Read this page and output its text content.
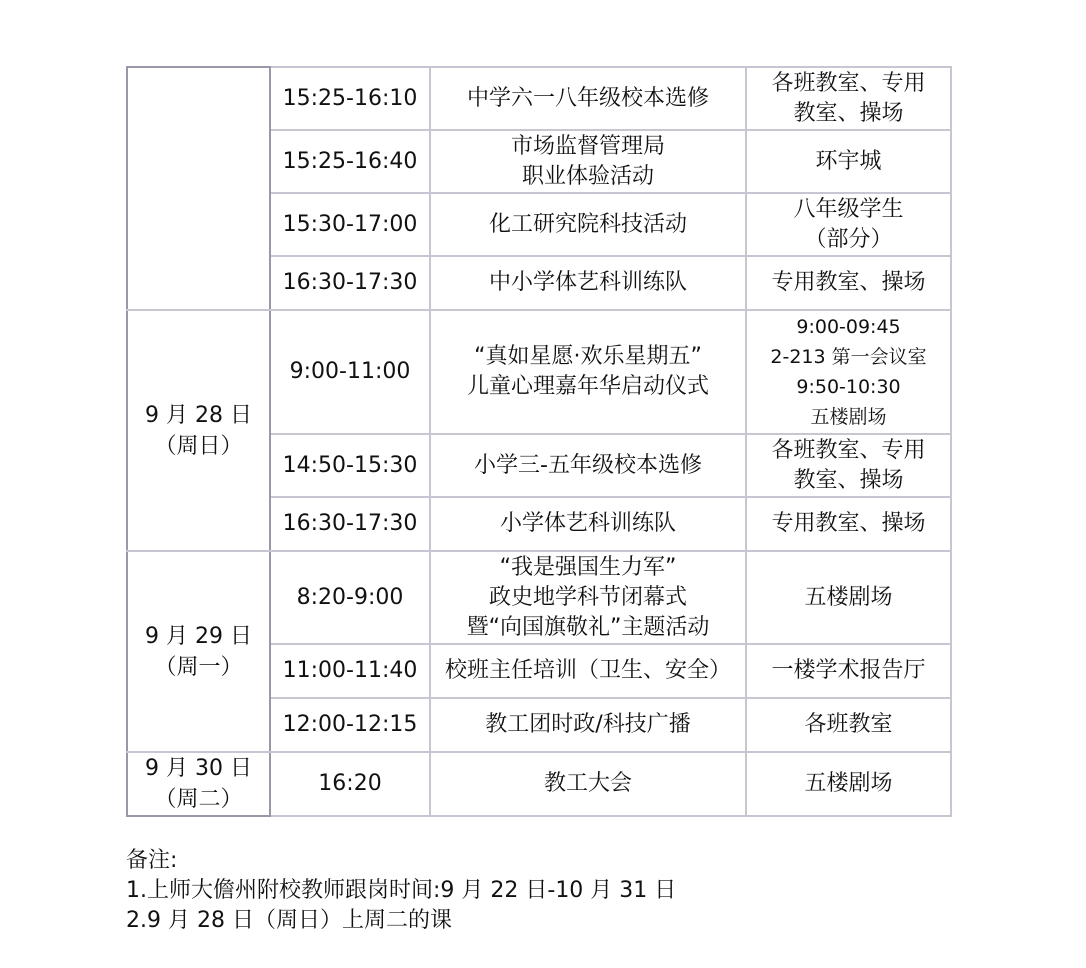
	15:25-16:10	中学六一八年级校本选修	各班教室、专用
教室、操场

	15:25-16:40	市场监督管理局
职业体验活动	环宇城

	15:30-17:00	化工研究院科技活动	八年级学生
（部分）

	16:30-17:30	中小学体艺科训练队	专用教室、操场

9 月 28 日
（周日）	9:00-11:00	“真如星愿·欢乐星期五”
儿童心理嘉年华启动仪式	9:00-09:45
2-213 第一会议室
9:50-10:30
五楼剧场

	14:50-15:30	小学三-五年级校本选修	各班教室、专用
教室、操场

	16:30-17:30	小学体艺科训练队	专用教室、操场

9 月 29 日
（周一）	8:20-9:00	“我是强国生力军”
政史地学科节闭幕式
暨“向国旗敬礼”主题活动	五楼剧场

	11:00-11:40	校班主任培训（卫生、安全）	一楼学术报告厅

	12:00-12:15	教工团时政/科技广播	各班教室

9 月 30 日
（周二）	16:20	教工大会	五楼剧场
备注:
1.上师大儋州附校教师跟岗时间:9 月 22 日-10 月 31 日
2.9 月 28 日（周日）上周二的课
